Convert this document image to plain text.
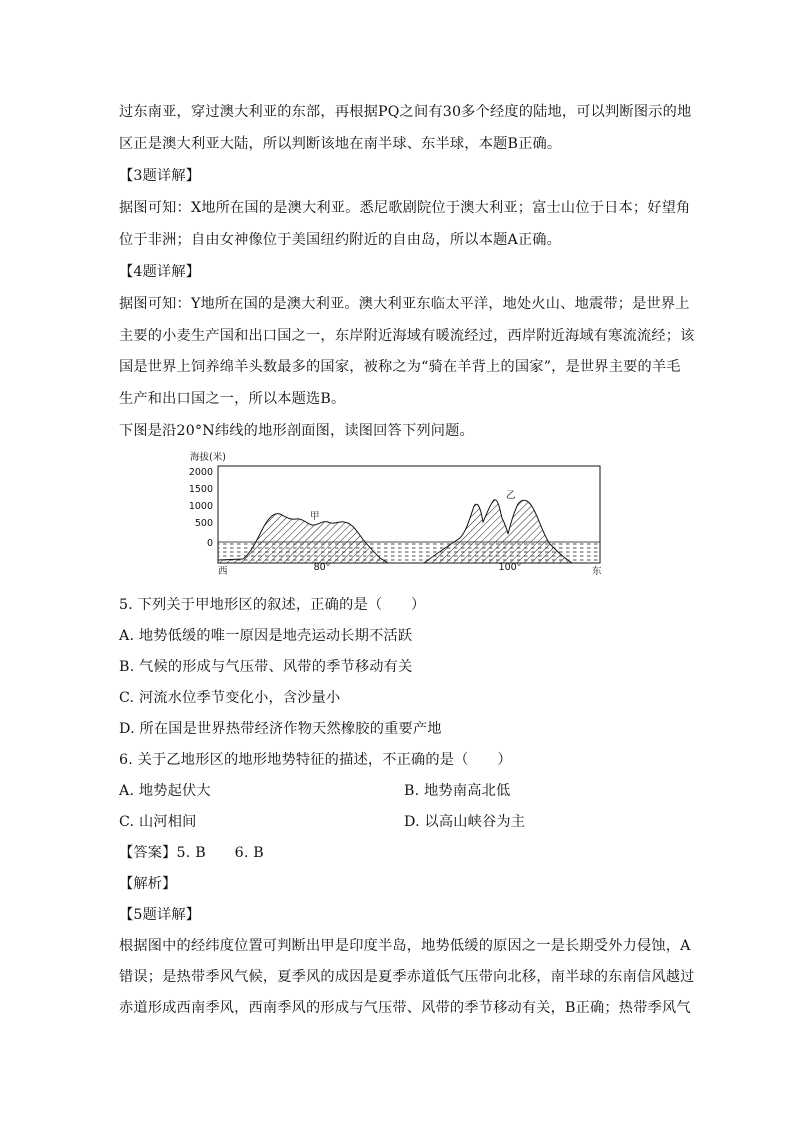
过东南亚，穿过澳大利亚的东部，再根据PQ之间有30多个经度的陆地，可以判断图示的地
区正是澳大利亚大陆，所以判断该地在南半球、东半球，本题B正确。
【3题详解】
据图可知：X地所在国的是澳大利亚。悉尼歌剧院位于澳大利亚；富士山位于日本；好望角
位于非洲；自由女神像位于美国纽约附近的自由岛，所以本题A正确。
【4题详解】
据图可知：Y地所在国的是澳大利亚。澳大利亚东临太平洋，地处火山、地震带；是世界上
主要的小麦生产国和出口国之一，东岸附近海域有暖流经过，西岸附近海域有寒流流经；该
国是世界上饲养绵羊头数最多的国家，被称之为“骑在羊背上的国家”，是世界主要的羊毛
生产和出口国之一，所以本题选B。
下图是沿20°N纬线的地形剖面图，读图回答下列问题。
海拔(米)
2000
1500
1000
500
0
甲
乙
西	80°	100°	东
5. 下列关于甲地形区的叙述，正确的是（　　）
A. 地势低缓的唯一原因是地壳运动长期不活跃
B. 气候的形成与气压带、风带的季节移动有关
C. 河流水位季节变化小，含沙量小
D. 所在国是世界热带经济作物天然橡胶的重要产地
6. 关于乙地形区的地形地势特征的描述，不正确的是（　　）
A. 地势起伏大	B. 地势南高北低
C. 山河相间	D. 以高山峡谷为主
【答案】5. B　　6. B
【解析】
【5题详解】
根据图中的经纬度位置可判断出甲是印度半岛，地势低缓的原因之一是长期受外力侵蚀，A
错误；是热带季风气候，夏季风的成因是夏季赤道低气压带向北移，南半球的东南信风越过
赤道形成西南季风，西南季风的形成与气压带、风带的季节移动有关，B正确；热带季风气
